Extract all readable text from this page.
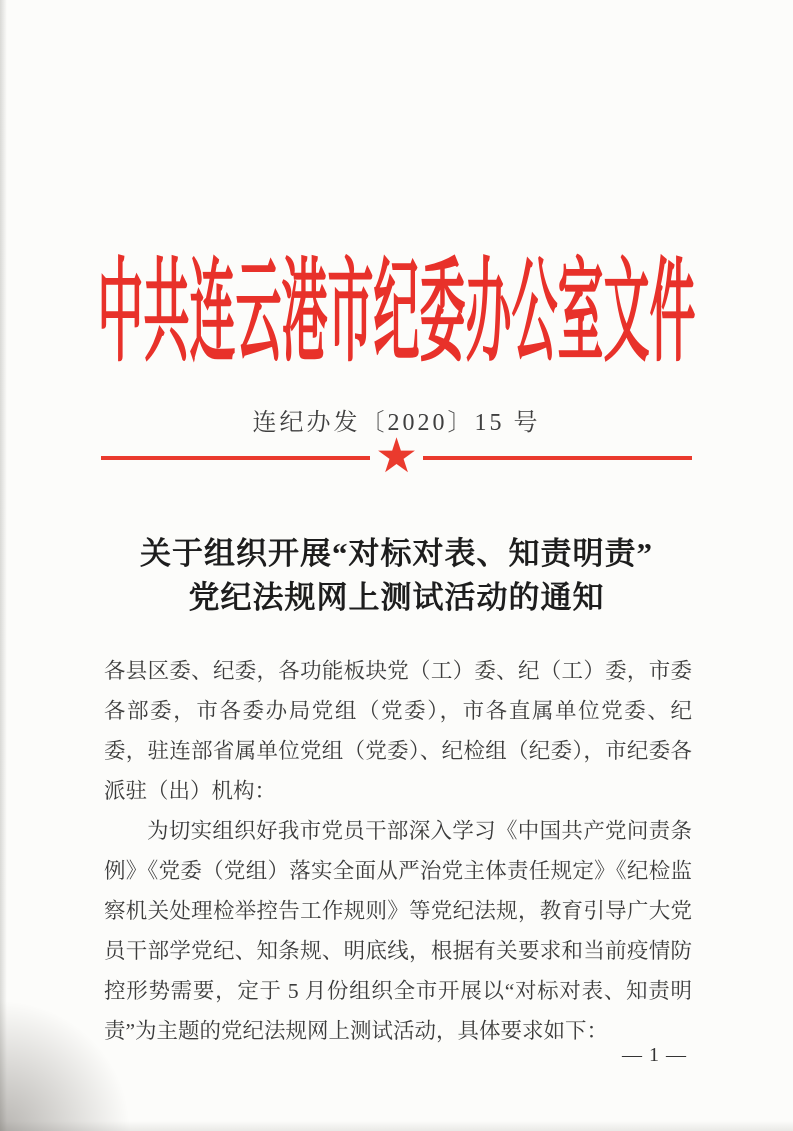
中共连云港市纪委办公室文件
连纪办发〔2020〕15 号
★
关于组织开展“对标对表、知责明责”
党纪法规网上测试活动的通知

各县区委、纪委，各功能板块党（工）委、纪（工）委，市委各部委，市各委办局党组（党委），市各直属单位党委、纪委，驻连部省属单位党组（党委）、纪检组（纪委），市纪委各派驻（出）机构：

为切实组织好我市党员干部深入学习《中国共产党问责条例》《党委（党组）落实全面从严治党主体责任规定》《纪检监察机关处理检举控告工作规则》等党纪法规，教育引导广大党员干部学党纪、知条规、明底线，根据有关要求和当前疫情防控形势需要，定于 5 月份组织全市开展以“对标对表、知责明责”为主题的党纪法规网上测试活动，具体要求如下：

— 1 —
